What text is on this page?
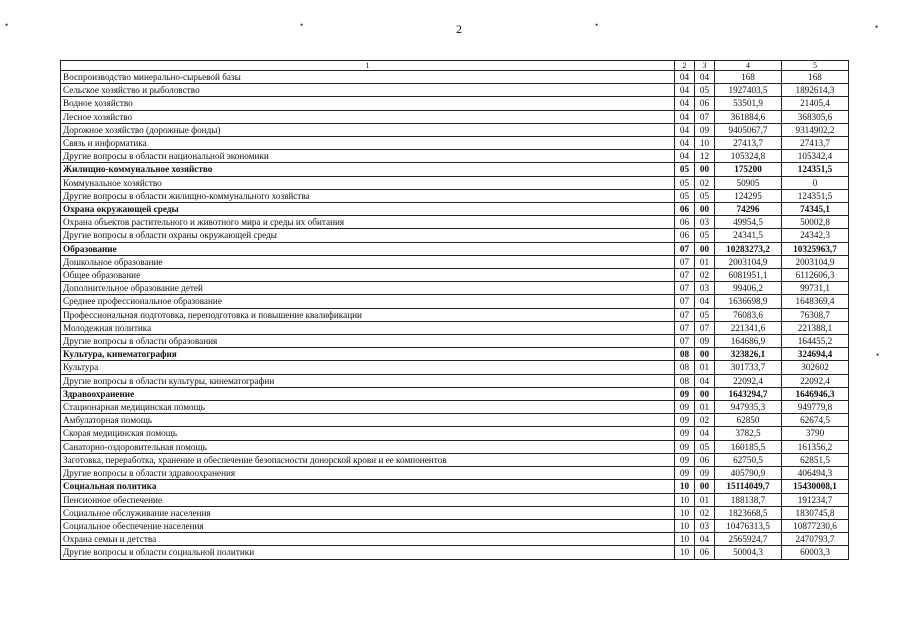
2
•	•	•	•
•
1	2	3	4	5
Воспроизводство минерально-сырьевой базы	04	04	168	168
Сельское хозяйство и рыболовство	04	05	1927403,5	1892614,3
Водное хозяйство	04	06	53501,9	21405,4
Лесное хозяйство	04	07	361884,6	368305,6
Дорожное хозяйство (дорожные фонды)	04	09	9405067,7	9314902,2
Связь и информатика	04	10	27413,7	27413,7
Другие вопросы в области национальной экономики	04	12	105324,8	105342,4
Жилищно-коммунальное хозяйство	05	00	175200	124351,5
Коммунальное хозяйство	05	02	50905	0
Другие вопросы в области жилищно-коммунального хозяйства	05	05	124295	124351,5
Охрана окружающей среды	06	00	74296	74345,1
Охрана объектов растительного и животного мира и среды их обитания	06	03	49954,5	50002,8
Другие вопросы в области охраны окружающей среды	06	05	24341,5	24342,3
Образование	07	00	10283273,2	10325963,7
Дошкольное образование	07	01	2003104,9	2003104,9
Общее образование	07	02	6081951,1	6112606,3
Дополнительное образование детей	07	03	99406,2	99731,1
Среднее профессиональное образование	07	04	1636698,9	1648369,4
Профессиональная подготовка, переподготовка и повышение квалификации	07	05	76083,6	76308,7
Молодежная политика	07	07	221341,6	221388,1
Другие вопросы в области образования	07	09	164686,9	164455,2
Культура, кинематография	08	00	323826,1	324694,4
Культура	08	01	301733,7	302602
Другие вопросы в области культуры, кинематографии	08	04	22092,4	22092,4
Здравоохранение	09	00	1643294,7	1646946,3
Стационарная медицинская помощь	09	01	947935,3	949779,8
Амбулаторная помощь	09	02	62850	62674,5
Скорая медицинская помощь	09	04	3782,5	3790
Санаторно-оздоровительная помощь	09	05	160185,5	161356,2
Заготовка, переработка, хранение и обеспечение безопасности донорской крови и ее компонентов	09	06	62750,5	62851,5
Другие вопросы в области здравоохранения	09	09	405790,9	406494,3
Социальная политика	10	00	15114049,7	15430008,1
Пенсионное обеспечение	10	01	188138,7	191234,7
Социальное обслуживание населения	10	02	1823668,5	1830745,8
Социальное обеспечение населения	10	03	10476313,5	10877230,6
Охрана семьи и детства	10	04	2565924,7	2470793,7
Другие вопросы в области социальной политики	10	06	50004,3	60003,3
